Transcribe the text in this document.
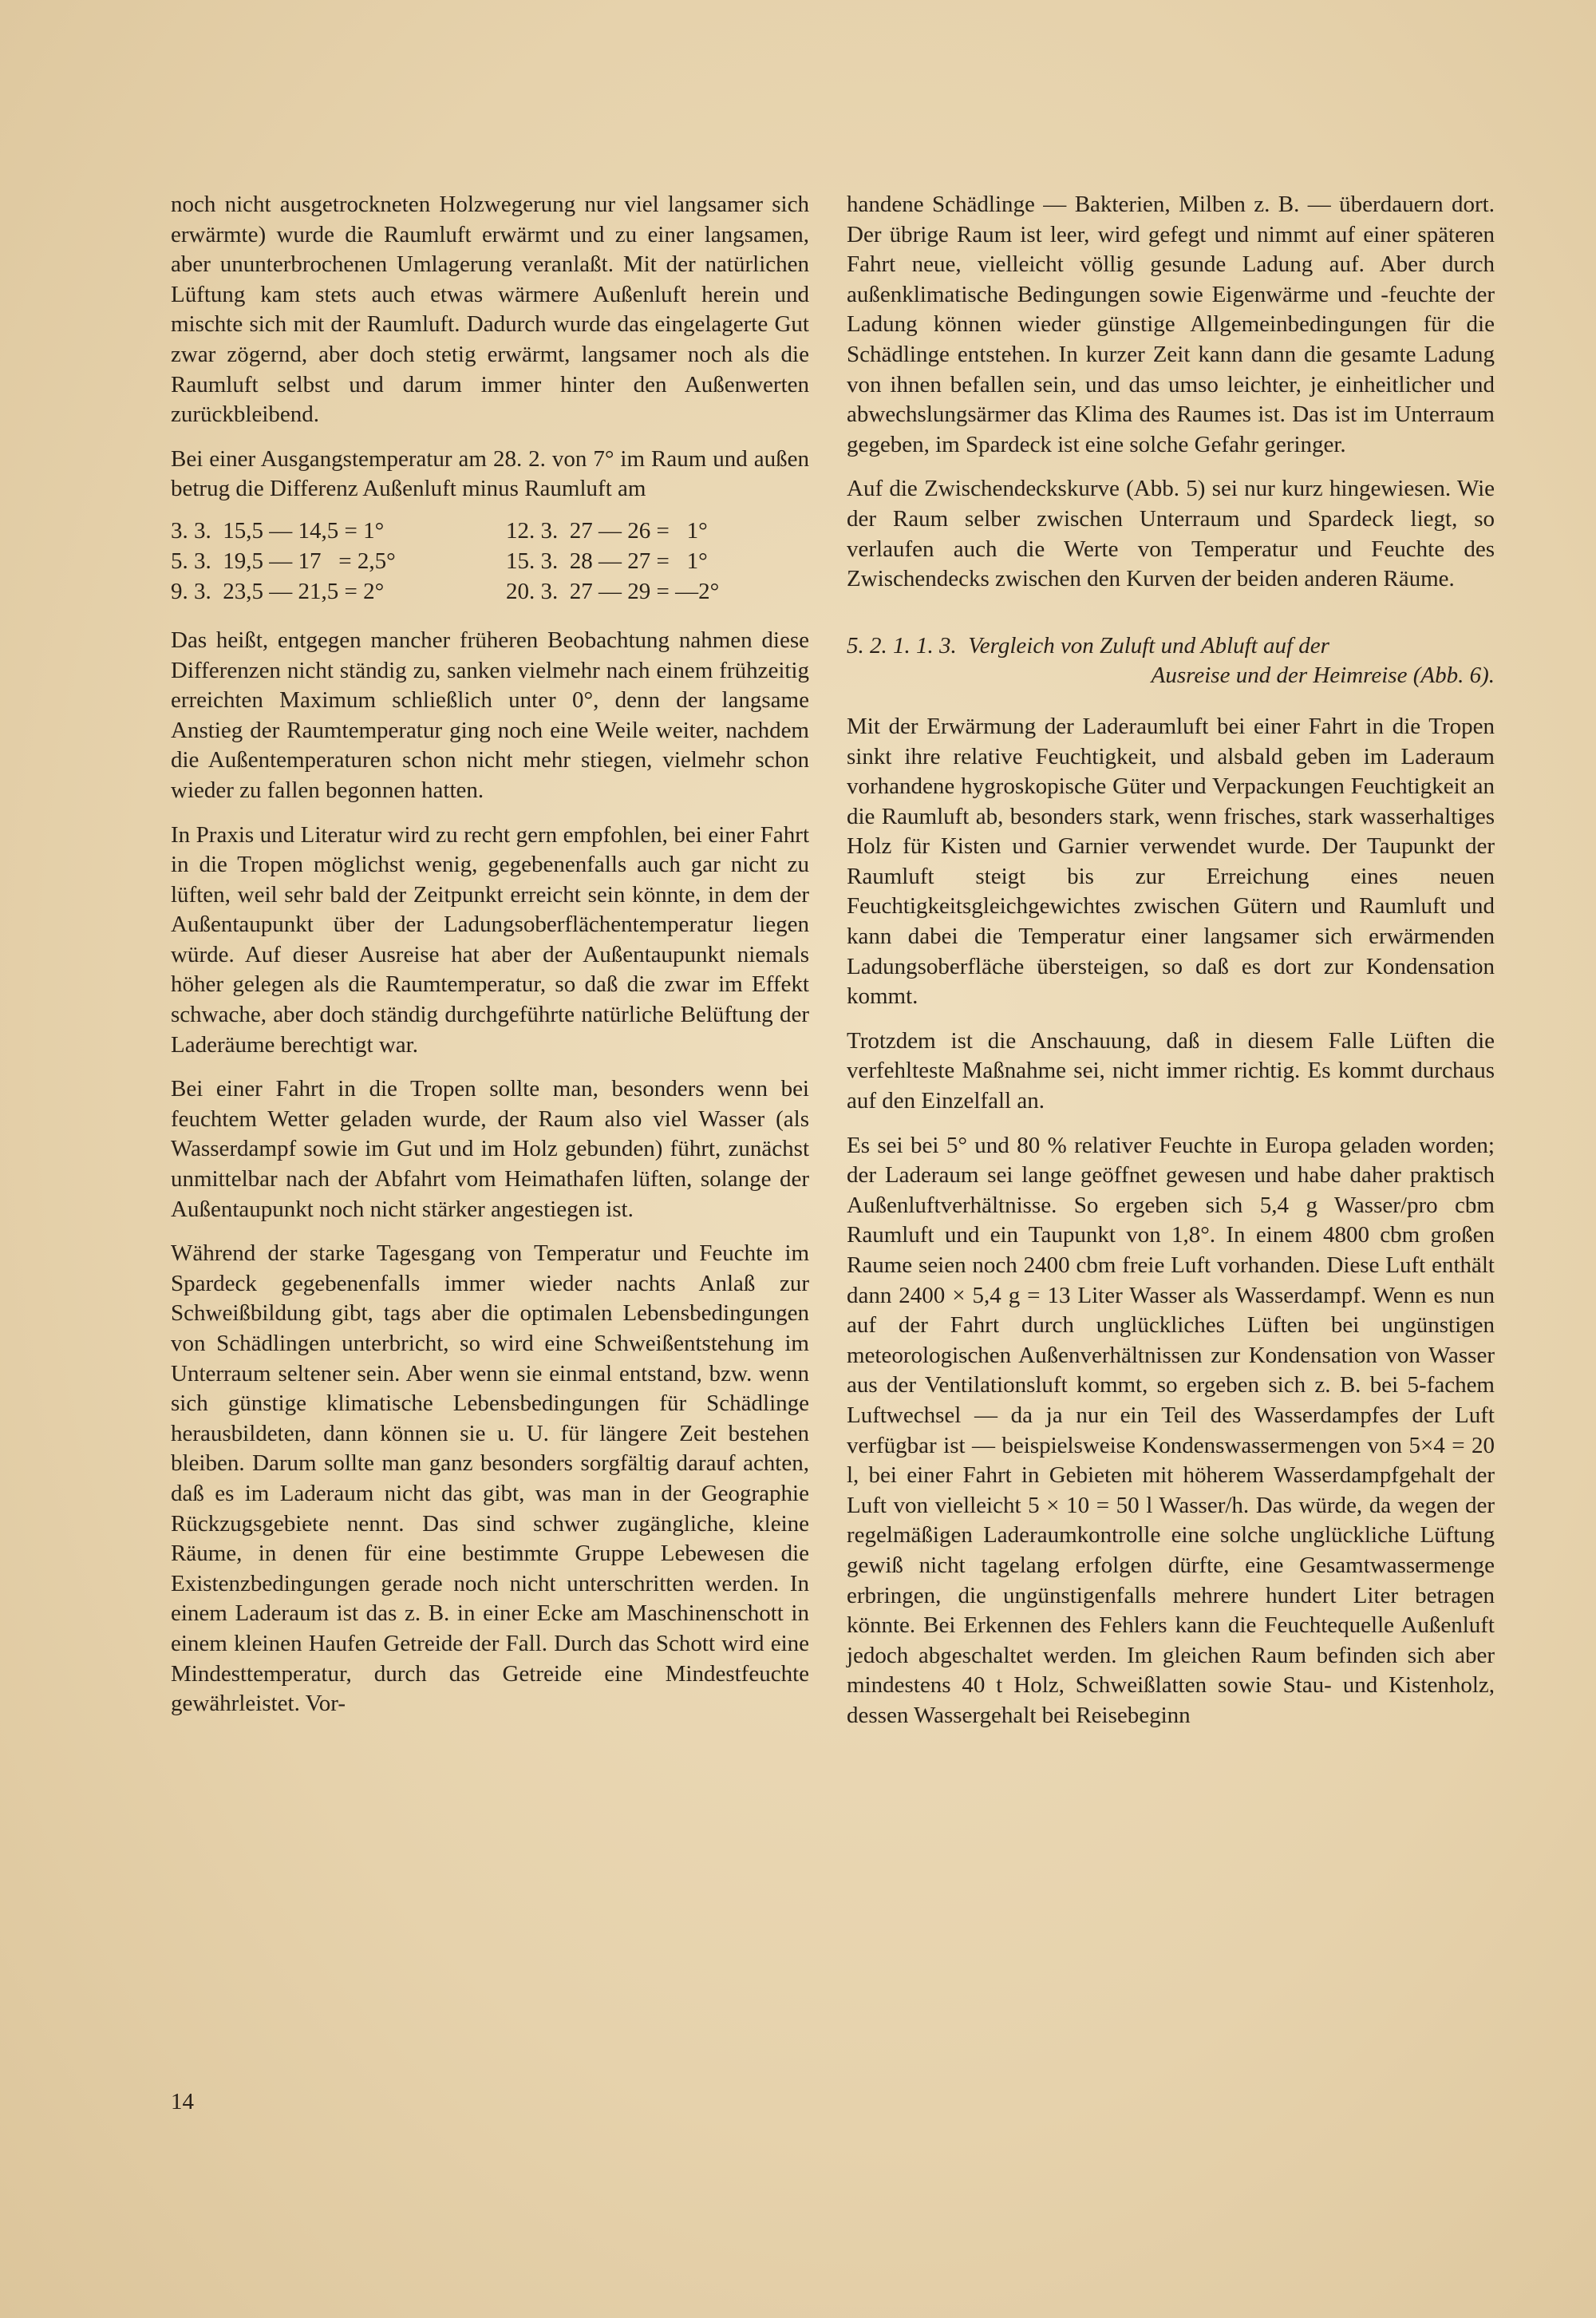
noch nicht ausgetrockneten Holzwegerung nur viel langsamer sich erwärmte) wurde die Raumluft erwärmt und zu einer langsamen, aber ununterbrochenen Umlagerung veranlaßt. Mit der natürlichen Lüftung kam stets auch etwas wärmere Außenluft herein und mischte sich mit der Raumluft. Dadurch wurde das eingelagerte Gut zwar zögernd, aber doch stetig erwärmt, langsamer noch als die Raumluft selbst und darum immer hinter den Außenwerten zurückbleibend.

Bei einer Ausgangstemperatur am 28. 2. von 7° im Raum und außen betrug die Differenz Außenluft minus Raumluft am

3. 3.  15,5 — 14,5 = 1°	12. 3.  27 — 26 =   1°
5. 3.  19,5 — 17   = 2,5°	15. 3.  28 — 27 =   1°
9. 3.  23,5 — 21,5 = 2°	20. 3.  27 — 29 = —2°

Das heißt, entgegen mancher früheren Beobachtung nahmen diese Differenzen nicht ständig zu, sanken vielmehr nach einem frühzeitig erreichten Maximum schließlich unter 0°, denn der langsame Anstieg der Raumtemperatur ging noch eine Weile weiter, nachdem die Außentemperaturen schon nicht mehr stiegen, vielmehr schon wieder zu fallen begonnen hatten.

In Praxis und Literatur wird zu recht gern empfohlen, bei einer Fahrt in die Tropen möglichst wenig, gegebenenfalls auch gar nicht zu lüften, weil sehr bald der Zeitpunkt erreicht sein könnte, in dem der Außentaupunkt über der Ladungsoberflächentemperatur liegen würde. Auf dieser Ausreise hat aber der Außentaupunkt niemals höher gelegen als die Raumtemperatur, so daß die zwar im Effekt schwache, aber doch ständig durchgeführte natürliche Belüftung der Laderäume berechtigt war.

Bei einer Fahrt in die Tropen sollte man, besonders wenn bei feuchtem Wetter geladen wurde, der Raum also viel Wasser (als Wasserdampf sowie im Gut und im Holz gebunden) führt, zunächst unmittelbar nach der Abfahrt vom Heimathafen lüften, solange der Außentaupunkt noch nicht stärker angestiegen ist.

Während der starke Tagesgang von Temperatur und Feuchte im Spardeck gegebenenfalls immer wieder nachts Anlaß zur Schweißbildung gibt, tags aber die optimalen Lebensbedingungen von Schädlingen unterbricht, so wird eine Schweißentstehung im Unterraum seltener sein. Aber wenn sie einmal entstand, bzw. wenn sich günstige klimatische Lebensbedingungen für Schädlinge herausbildeten, dann können sie u. U. für längere Zeit bestehen bleiben. Darum sollte man ganz besonders sorgfältig darauf achten, daß es im Laderaum nicht das gibt, was man in der Geographie Rückzugsgebiete nennt. Das sind schwer zugängliche, kleine Räume, in denen für eine bestimmte Gruppe Lebewesen die Existenzbedingungen gerade noch nicht unterschritten werden. In einem Laderaum ist das z. B. in einer Ecke am Maschinenschott in einem kleinen Haufen Getreide der Fall. Durch das Schott wird eine Mindesttemperatur, durch das Getreide eine Mindestfeuchte gewährleistet. Vor-

handene Schädlinge — Bakterien, Milben z. B. — überdauern dort. Der übrige Raum ist leer, wird gefegt und nimmt auf einer späteren Fahrt neue, vielleicht völlig gesunde Ladung auf. Aber durch außenklimatische Bedingungen sowie Eigenwärme und -feuchte der Ladung können wieder günstige Allgemeinbedingungen für die Schädlinge entstehen. In kurzer Zeit kann dann die gesamte Ladung von ihnen befallen sein, und das umso leichter, je einheitlicher und abwechslungsärmer das Klima des Raumes ist. Das ist im Unterraum gegeben, im Spardeck ist eine solche Gefahr geringer.

Auf die Zwischendeckskurve (Abb. 5) sei nur kurz hingewiesen. Wie der Raum selber zwischen Unterraum und Spardeck liegt, so verlaufen auch die Werte von Temperatur und Feuchte des Zwischendecks zwischen den Kurven der beiden anderen Räume.

5. 2. 1. 1. 3.  Vergleich von Zuluft und Abluft auf der
Ausreise und der Heimreise (Abb. 6).

Mit der Erwärmung der Laderaumluft bei einer Fahrt in die Tropen sinkt ihre relative Feuchtigkeit, und alsbald geben im Laderaum vorhandene hygroskopische Güter und Verpackungen Feuchtigkeit an die Raumluft ab, besonders stark, wenn frisches, stark wasserhaltiges Holz für Kisten und Garnier verwendet wurde. Der Taupunkt der Raumluft steigt bis zur Erreichung eines neuen Feuchtigkeitsgleichgewichtes zwischen Gütern und Raumluft und kann dabei die Temperatur einer langsamer sich erwärmenden Ladungsoberfläche übersteigen, so daß es dort zur Kondensation kommt.

Trotzdem ist die Anschauung, daß in diesem Falle Lüften die verfehlteste Maßnahme sei, nicht immer richtig. Es kommt durchaus auf den Einzelfall an.

Es sei bei 5° und 80 % relativer Feuchte in Europa geladen worden; der Laderaum sei lange geöffnet gewesen und habe daher praktisch Außenluftverhältnisse. So ergeben sich 5,4 g Wasser/pro cbm Raumluft und ein Taupunkt von 1,8°. In einem 4800 cbm großen Raume seien noch 2400 cbm freie Luft vorhanden. Diese Luft enthält dann 2400 × 5,4 g = 13 Liter Wasser als Wasserdampf. Wenn es nun auf der Fahrt durch unglückliches Lüften bei ungünstigen meteorologischen Außenverhältnissen zur Kondensation von Wasser aus der Ventilationsluft kommt, so ergeben sich z. B. bei 5-fachem Luftwechsel — da ja nur ein Teil des Wasserdampfes der Luft verfügbar ist — beispielsweise Kondenswassermengen von 5×4 = 20 l, bei einer Fahrt in Gebieten mit höherem Wasserdampfgehalt der Luft von vielleicht 5 × 10 = 50 l Wasser/h. Das würde, da wegen der regelmäßigen Laderaumkontrolle eine solche unglückliche Lüftung gewiß nicht tagelang erfolgen dürfte, eine Gesamtwassermenge erbringen, die ungünstigenfalls mehrere hundert Liter betragen könnte. Bei Erkennen des Fehlers kann die Feuchtequelle Außenluft jedoch abgeschaltet werden. Im gleichen Raum befinden sich aber mindestens 40 t Holz, Schweißlatten sowie Stau- und Kistenholz, dessen Wassergehalt bei Reisebeginn

14
